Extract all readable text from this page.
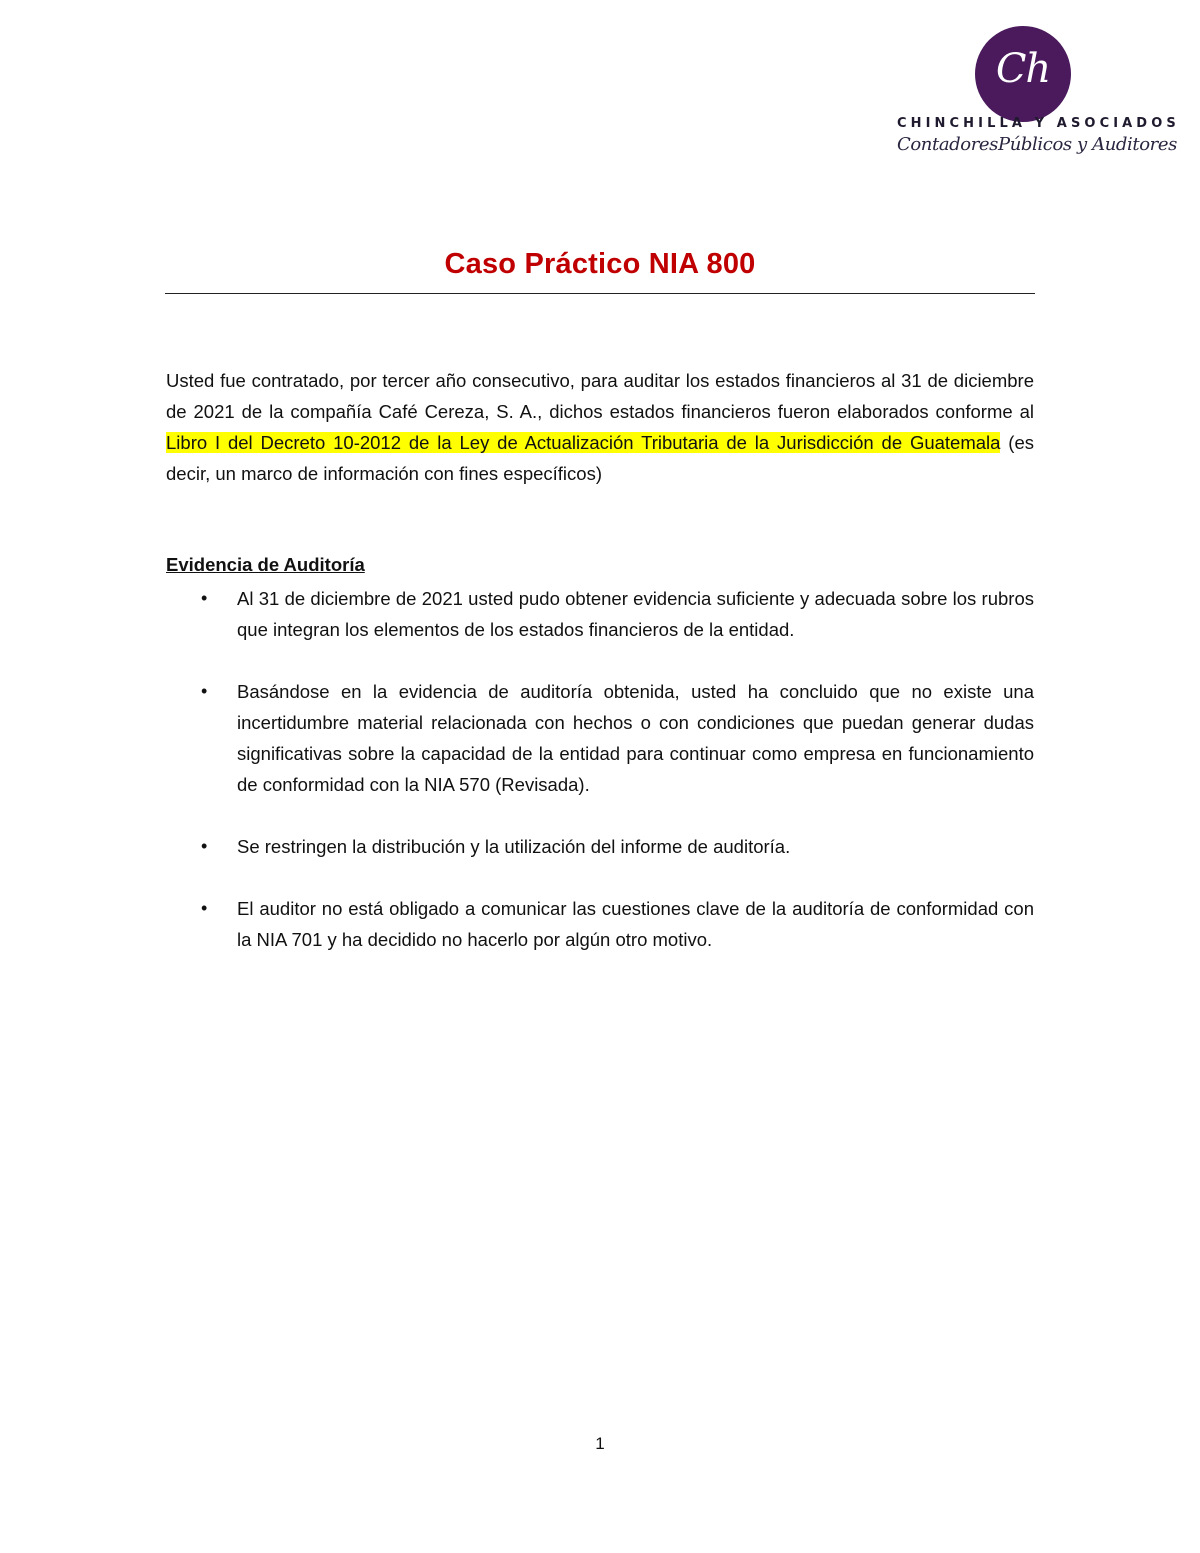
Ch
CHINCHILLA Y ASOCIADOS
ContadoresPúblicos y Auditores
Caso Práctico NIA 800

Usted fue contratado, por tercer año consecutivo, para auditar los estados financieros al 31 de diciembre de 2021 de la compañía Café Cereza, S. A., dichos estados financieros fueron elaborados conforme al Libro I del Decreto 10-2012 de la Ley de Actualización Tributaria de la Jurisdicción de Guatemala (es decir, un marco de información con fines específicos)

Evidencia de Auditoría
• Al 31 de diciembre de 2021 usted pudo obtener evidencia suficiente y adecuada sobre los rubros que integran los elementos de los estados financieros de la entidad.
• Basándose en la evidencia de auditoría obtenida, usted ha concluido que no existe una incertidumbre material relacionada con hechos o con condiciones que puedan generar dudas significativas sobre la capacidad de la entidad para continuar como empresa en funcionamiento de conformidad con la NIA 570 (Revisada).
• Se restringen la distribución y la utilización del informe de auditoría.
• El auditor no está obligado a comunicar las cuestiones clave de la auditoría de conformidad con la NIA 701 y ha decidido no hacerlo por algún otro motivo.
1
